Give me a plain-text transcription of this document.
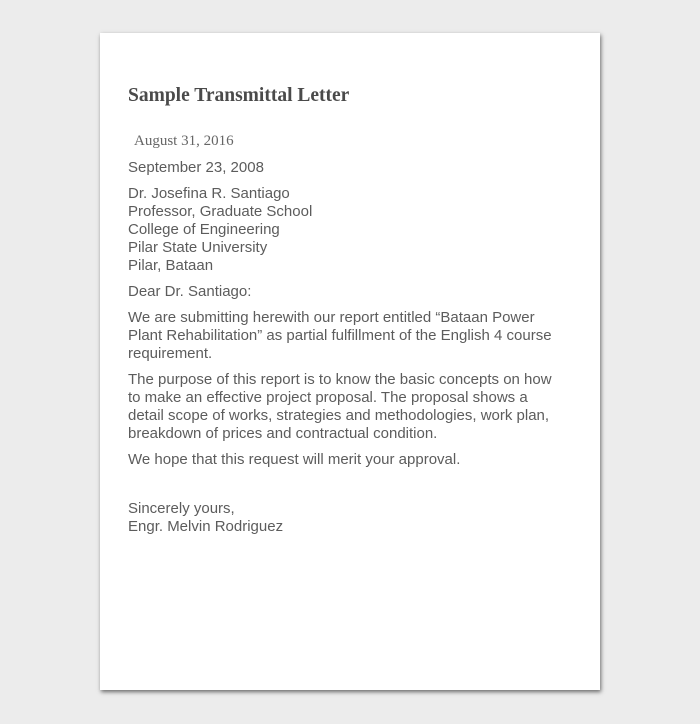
Sample Transmittal Letter
August 31, 2016

September 23, 2008

Dr. Josefina R. Santiago
Professor, Graduate School
College of Engineering
Pilar State University
Pilar, Bataan

Dear Dr. Santiago:

We are submitting herewith our report entitled “Bataan Power
Plant Rehabilitation” as partial fulfillment of the English 4 course
requirement.

The purpose of this report is to know the basic concepts on how
to make an effective project proposal. The proposal shows a
detail scope of works, strategies and methodologies, work plan,
breakdown of prices and contractual condition.

We hope that this request will merit your approval.

Sincerely yours,
Engr. Melvin Rodriguez
